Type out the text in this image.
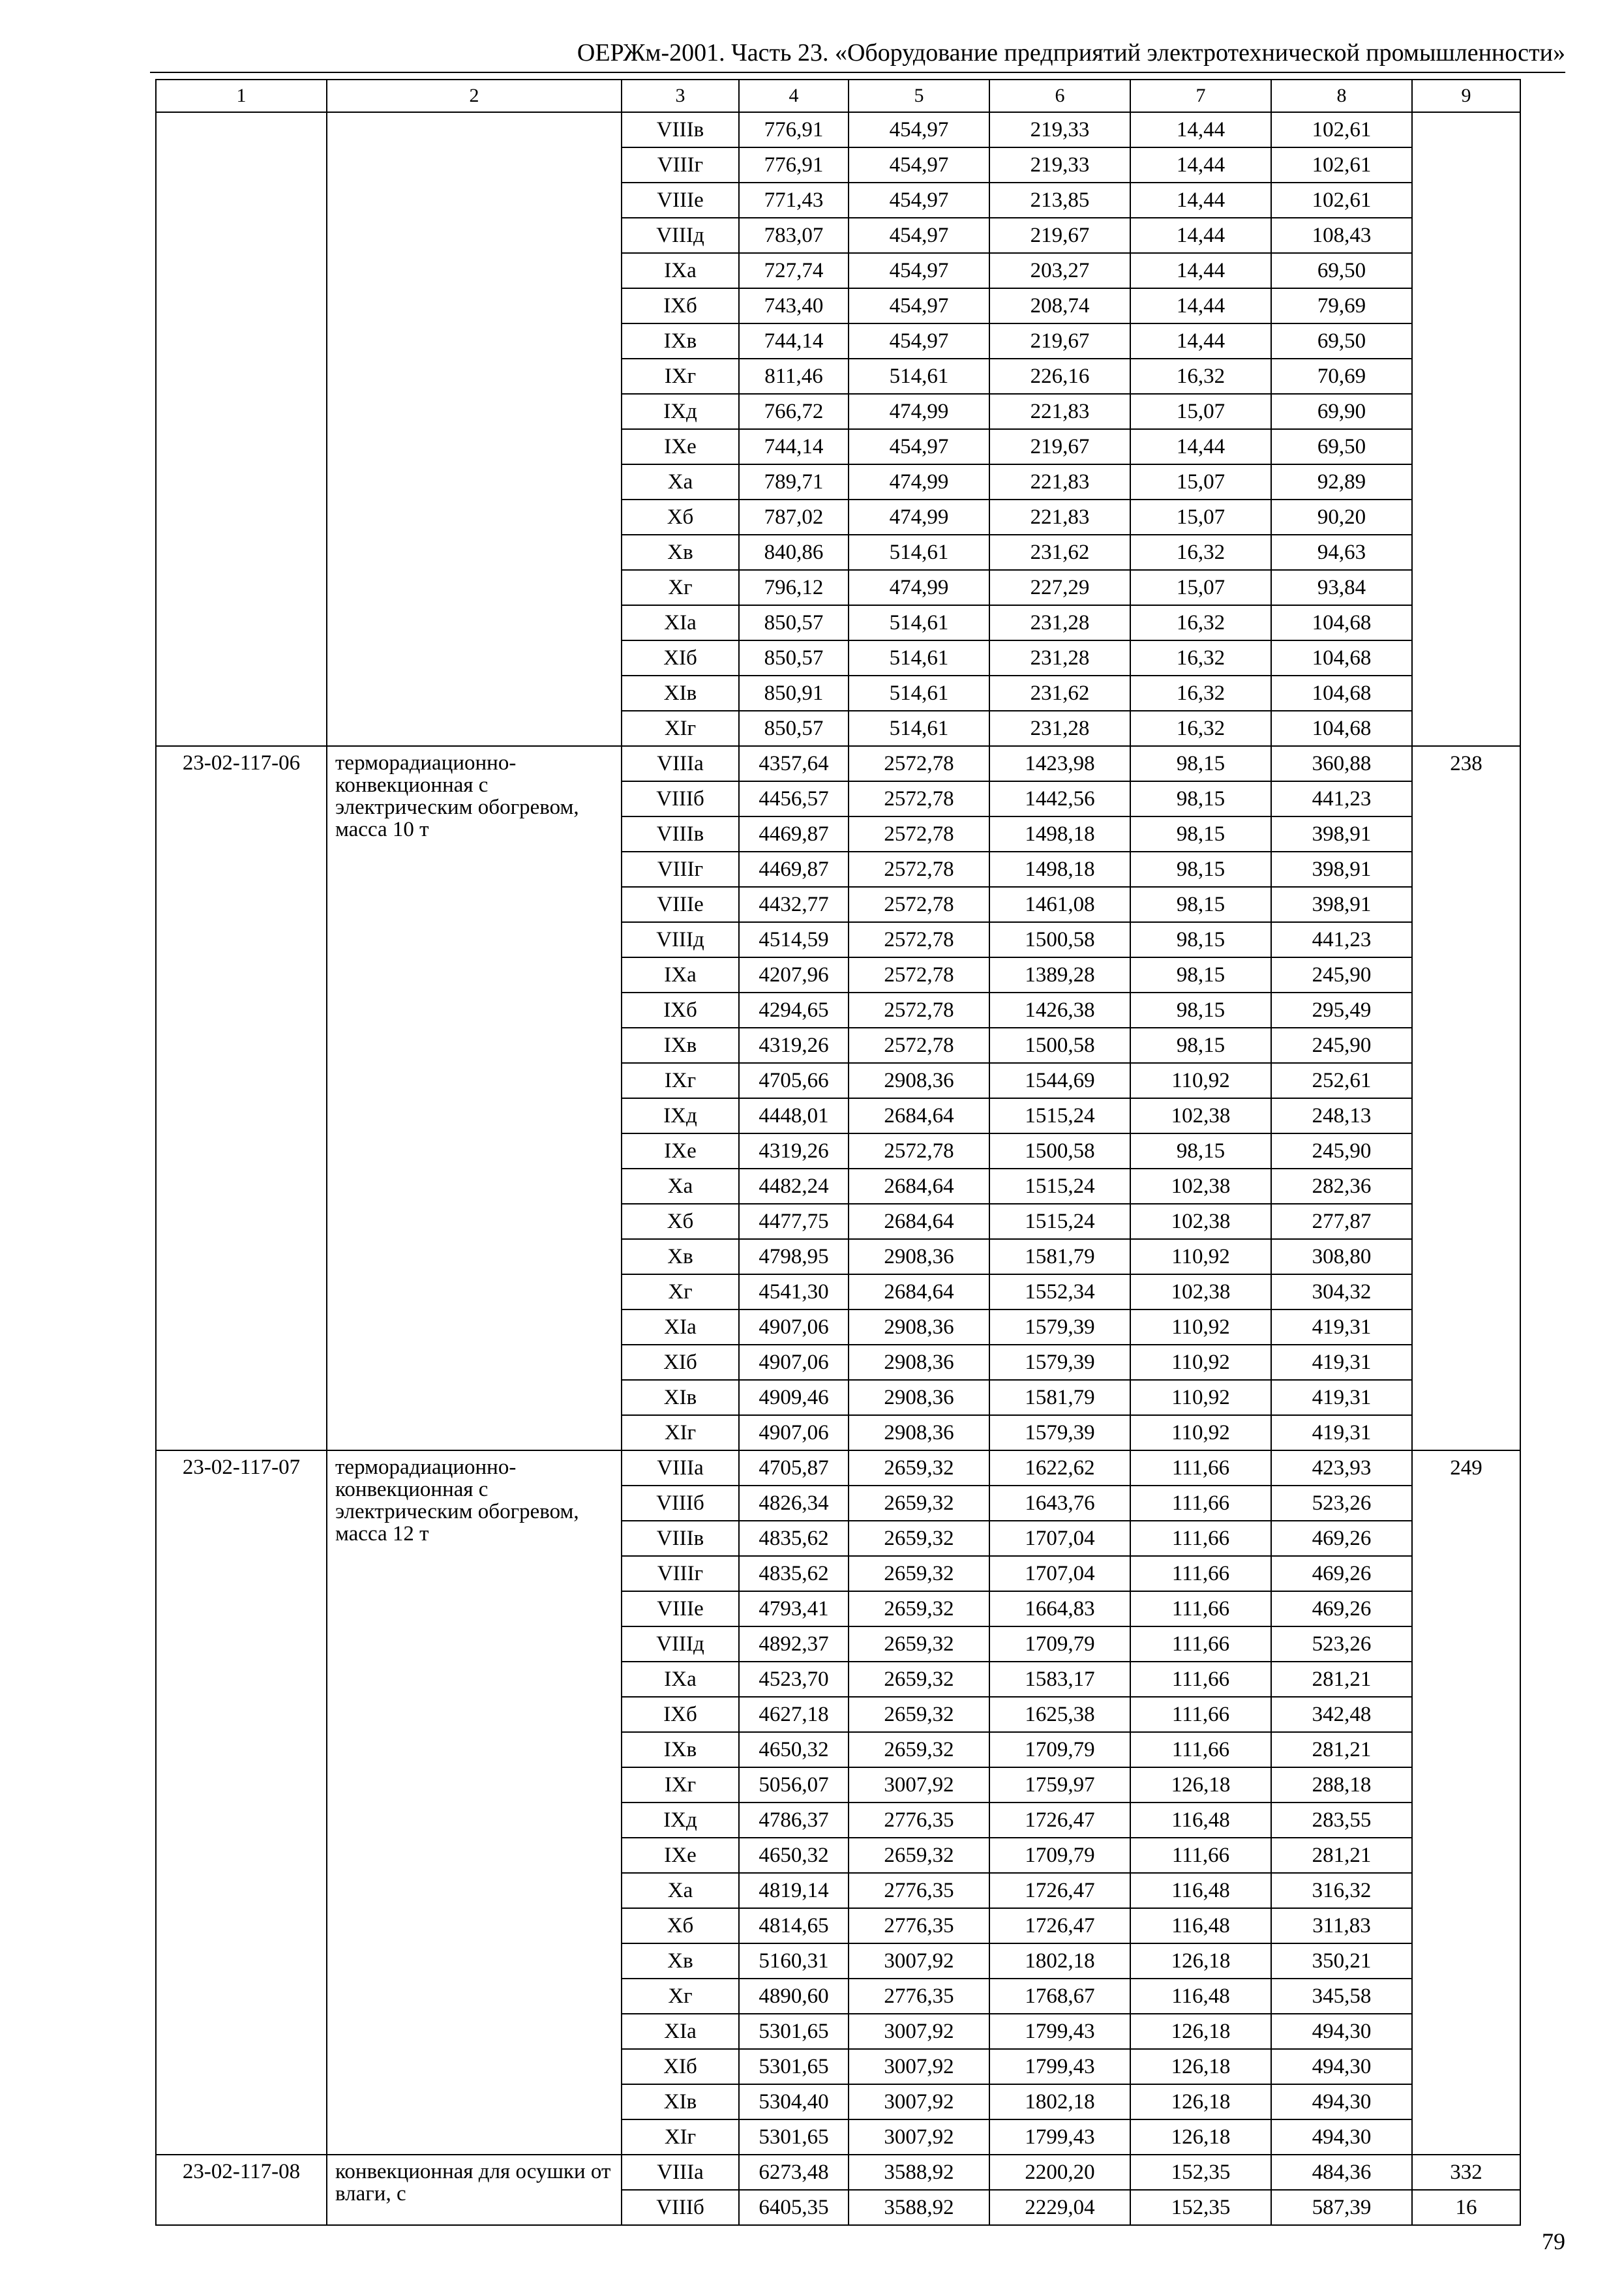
ОЕРЖм-2001. Часть 23. «Оборудование предприятий электротехнической промышленности»
1	2	3	4	5	6	7	8	9
		VIIIв	776,91	454,97	219,33	14,44	102,61	
		VIIIг	776,91	454,97	219,33	14,44	102,61	
		VIIIе	771,43	454,97	213,85	14,44	102,61	
		VIIIд	783,07	454,97	219,67	14,44	108,43	
		IXа	727,74	454,97	203,27	14,44	69,50	
		IXб	743,40	454,97	208,74	14,44	79,69	
		IXв	744,14	454,97	219,67	14,44	69,50	
		IXг	811,46	514,61	226,16	16,32	70,69	
		IXд	766,72	474,99	221,83	15,07	69,90	
		IXе	744,14	454,97	219,67	14,44	69,50	
		Xа	789,71	474,99	221,83	15,07	92,89	
		Xб	787,02	474,99	221,83	15,07	90,20	
		Xв	840,86	514,61	231,62	16,32	94,63	
		Xг	796,12	474,99	227,29	15,07	93,84	
		XIа	850,57	514,61	231,28	16,32	104,68	
		XIб	850,57	514,61	231,28	16,32	104,68	
		XIв	850,91	514,61	231,62	16,32	104,68	
		XIг	850,57	514,61	231,28	16,32	104,68	
23-02-117-06	терморадиационно-конвекционная с электрическим обогревом, масса 10 т	VIIIа	4357,64	2572,78	1423,98	98,15	360,88	238
		VIIIб	4456,57	2572,78	1442,56	98,15	441,23	
		VIIIв	4469,87	2572,78	1498,18	98,15	398,91	
		VIIIг	4469,87	2572,78	1498,18	98,15	398,91	
		VIIIе	4432,77	2572,78	1461,08	98,15	398,91	
		VIIIд	4514,59	2572,78	1500,58	98,15	441,23	
		IXа	4207,96	2572,78	1389,28	98,15	245,90	
		IXб	4294,65	2572,78	1426,38	98,15	295,49	
		IXв	4319,26	2572,78	1500,58	98,15	245,90	
		IXг	4705,66	2908,36	1544,69	110,92	252,61	
		IXд	4448,01	2684,64	1515,24	102,38	248,13	
		IXе	4319,26	2572,78	1500,58	98,15	245,90	
		Xа	4482,24	2684,64	1515,24	102,38	282,36	
		Xб	4477,75	2684,64	1515,24	102,38	277,87	
		Xв	4798,95	2908,36	1581,79	110,92	308,80	
		Xг	4541,30	2684,64	1552,34	102,38	304,32	
		XIа	4907,06	2908,36	1579,39	110,92	419,31	
		XIб	4907,06	2908,36	1579,39	110,92	419,31	
		XIв	4909,46	2908,36	1581,79	110,92	419,31	
		XIг	4907,06	2908,36	1579,39	110,92	419,31	
23-02-117-07	терморадиационно-конвекционная с электрическим обогревом, масса 12 т	VIIIа	4705,87	2659,32	1622,62	111,66	423,93	249
		VIIIб	4826,34	2659,32	1643,76	111,66	523,26	
		VIIIв	4835,62	2659,32	1707,04	111,66	469,26	
		VIIIг	4835,62	2659,32	1707,04	111,66	469,26	
		VIIIе	4793,41	2659,32	1664,83	111,66	469,26	
		VIIIд	4892,37	2659,32	1709,79	111,66	523,26	
		IXа	4523,70	2659,32	1583,17	111,66	281,21	
		IXб	4627,18	2659,32	1625,38	111,66	342,48	
		IXв	4650,32	2659,32	1709,79	111,66	281,21	
		IXг	5056,07	3007,92	1759,97	126,18	288,18	
		IXд	4786,37	2776,35	1726,47	116,48	283,55	
		IXе	4650,32	2659,32	1709,79	111,66	281,21	
		Xа	4819,14	2776,35	1726,47	116,48	316,32	
		Xб	4814,65	2776,35	1726,47	116,48	311,83	
		Xв	5160,31	3007,92	1802,18	126,18	350,21	
		Xг	4890,60	2776,35	1768,67	116,48	345,58	
		XIа	5301,65	3007,92	1799,43	126,18	494,30	
		XIб	5301,65	3007,92	1799,43	126,18	494,30	
		XIв	5304,40	3007,92	1802,18	126,18	494,30	
		XIг	5301,65	3007,92	1799,43	126,18	494,30	
23-02-117-08	конвекционная для осушки от влаги, с	VIIIа	6273,48	3588,92	2200,20	152,35	484,36	332
		VIIIб	6405,35	3588,92	2229,04	152,35	587,39	16
79
